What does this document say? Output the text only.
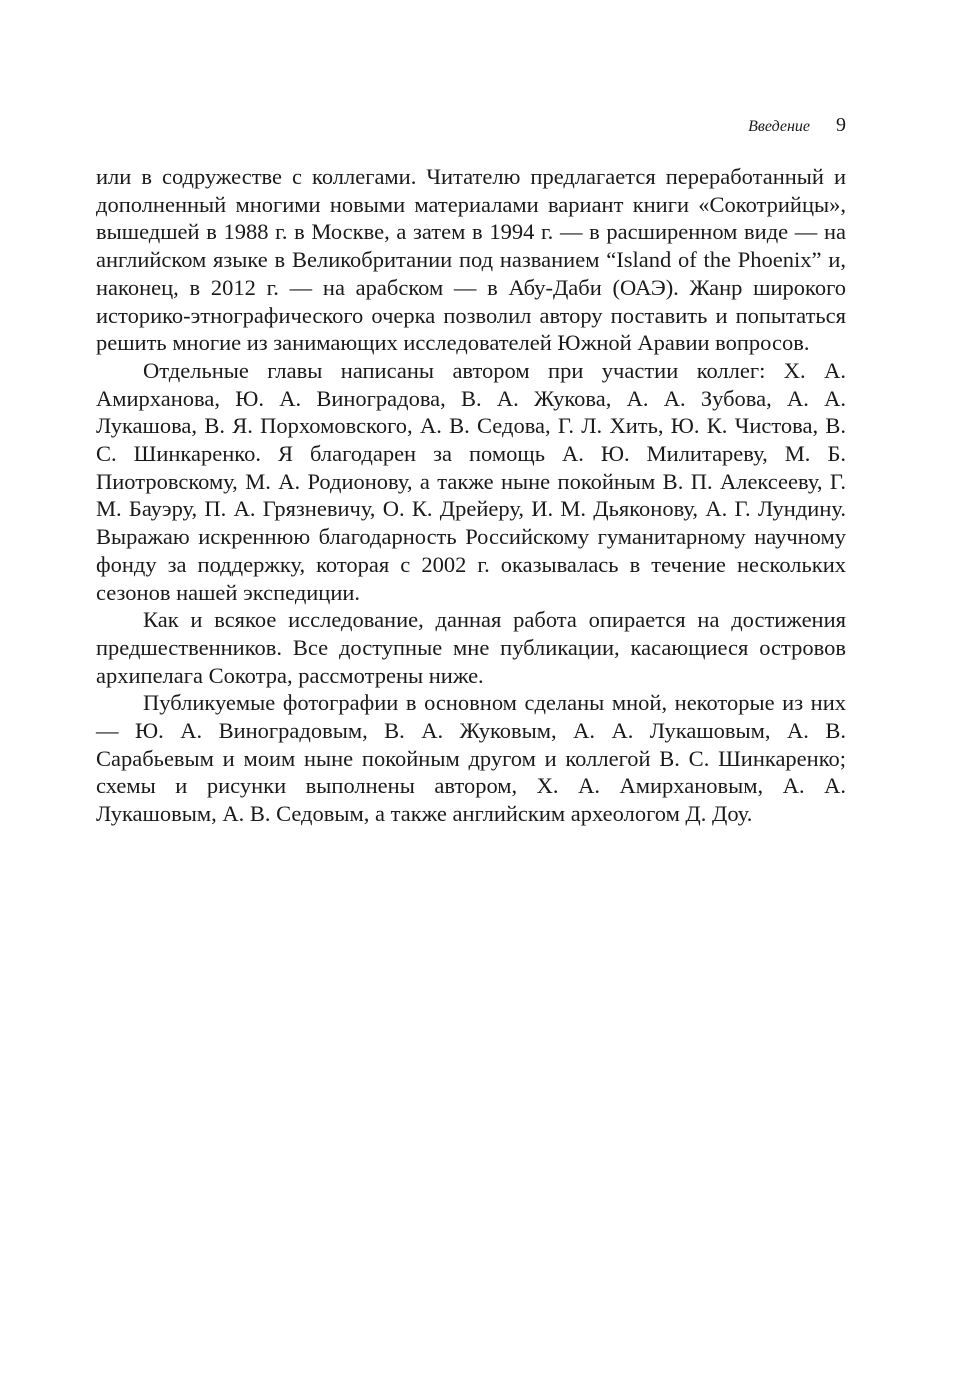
Введение 9

или в содружестве с коллегами. Читателю предлагается переработанный и дополненный многими новыми материалами вариант книги «Сокотрийцы», вышедшей в 1988 г. в Москве, а затем в 1994 г. — в расширенном виде — на английском языке в Великобритании под названием “Island of the Phoenix” и, наконец, в 2012 г. — на арабском — в Абу-Даби (ОАЭ). Жанр широкого историко-этнографического очерка позволил автору поставить и попытаться решить многие из занимающих исследователей Южной Аравии вопросов.

Отдельные главы написаны автором при участии коллег: Х. А. Амирханова, Ю. А. Виноградова, В. А. Жукова, А. А. Зубова, А. А. Лукашова, В. Я. Порхомовского, А. В. Седова, Г. Л. Хить, Ю. К. Чистова, В. С. Шинкаренко. Я благодарен за помощь А. Ю. Милитареву, М. Б. Пиотровскому, М. А. Родионову, а также ныне покойным В. П. Алексееву, Г. М. Бауэру, П. А. Грязневичу, О. К. Дрейеру, И. М. Дьяконову, А. Г. Лундину. Выражаю искреннюю благодарность Российскому гуманитарному научному фонду за поддержку, которая с 2002 г. оказывалась в течение нескольких сезонов нашей экспедиции.

Как и всякое исследование, данная работа опирается на достижения предшественников. Все доступные мне публикации, касающиеся островов архипелага Сокотра, рассмотрены ниже.

Публикуемые фотографии в основном сделаны мной, некоторые из них — Ю. А. Виноградовым, В. А. Жуковым, А. А. Лукашовым, А. В. Сарабьевым и моим ныне покойным другом и коллегой В. С. Шинкаренко; схемы и рисунки выполнены автором, Х. А. Амирхановым, А. А. Лукашовым, А. В. Седовым, а также английским археологом Д. Доу.
